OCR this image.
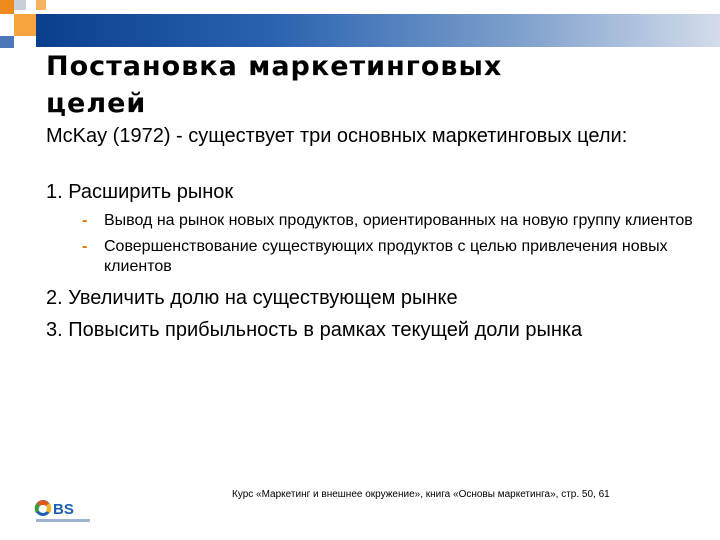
Постановка маркетинговых целей

McKay (1972) - существует три основных маркетинговых цели:

1. Расширить рынок

- Вывод на рынок новых продуктов, ориентированных на новую группу клиентов
- Совершенствование существующих продуктов с целью привлечения новых клиентов

2. Увеличить долю на существующем рынке

3. Повысить прибыльность в рамках текущей доли рынка

BS
Курс «Маркетинг и внешнее окружение», книга «Основы маркетинга», стр. 50, 61
